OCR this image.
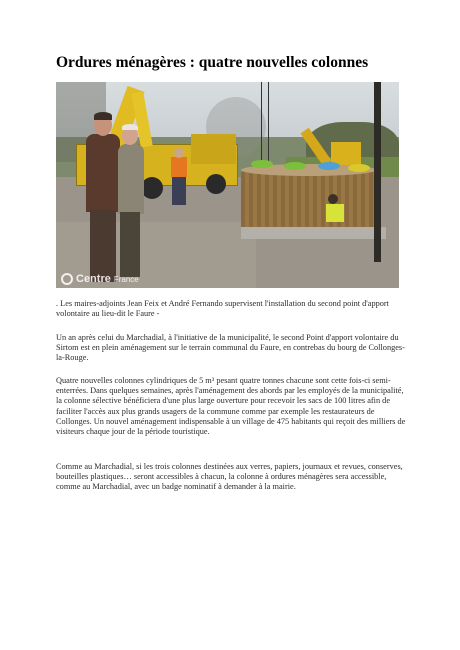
Ordures ménagères : quatre nouvelles colonnes
Centre France

. Les maires-adjoints Jean Feix et André Fernando supervisent l'installation du second point d'apport volontaire au lieu-dit le Faure -

Un an après celui du Marchadial, à l'initiative de la municipalité, le second Point d'apport volontaire du Sirtom est en plein aménagement sur le terrain communal du Faure, en contrebas du bourg de Collonges-la-Rouge.

Quatre nouvelles colonnes cylindriques de 5 m³ pesant quatre tonnes chacune sont cette fois-ci semi-enterrées. Dans quelques semaines, après l'aménagement des abords par les employés de la municipalité, la colonne sélective bénéficiera d'une plus large ouverture pour recevoir les sacs de 100 litres afin de faciliter l'accès aux plus grands usagers de la commune comme par exemple les restaurateurs de Collonges. Un nouvel aménagement indispensable à un village de 475 habitants qui reçoit des milliers de visiteurs chaque jour de la période touristique.

Comme au Marchadial, si les trois colonnes destinées aux verres, papiers, journaux et revues, conserves, bouteilles plastiques… seront accessibles à chacun, la colonne à ordures ménagères sera accessible, comme au Marchadial, avec un badge nominatif à demander à la mairie.
